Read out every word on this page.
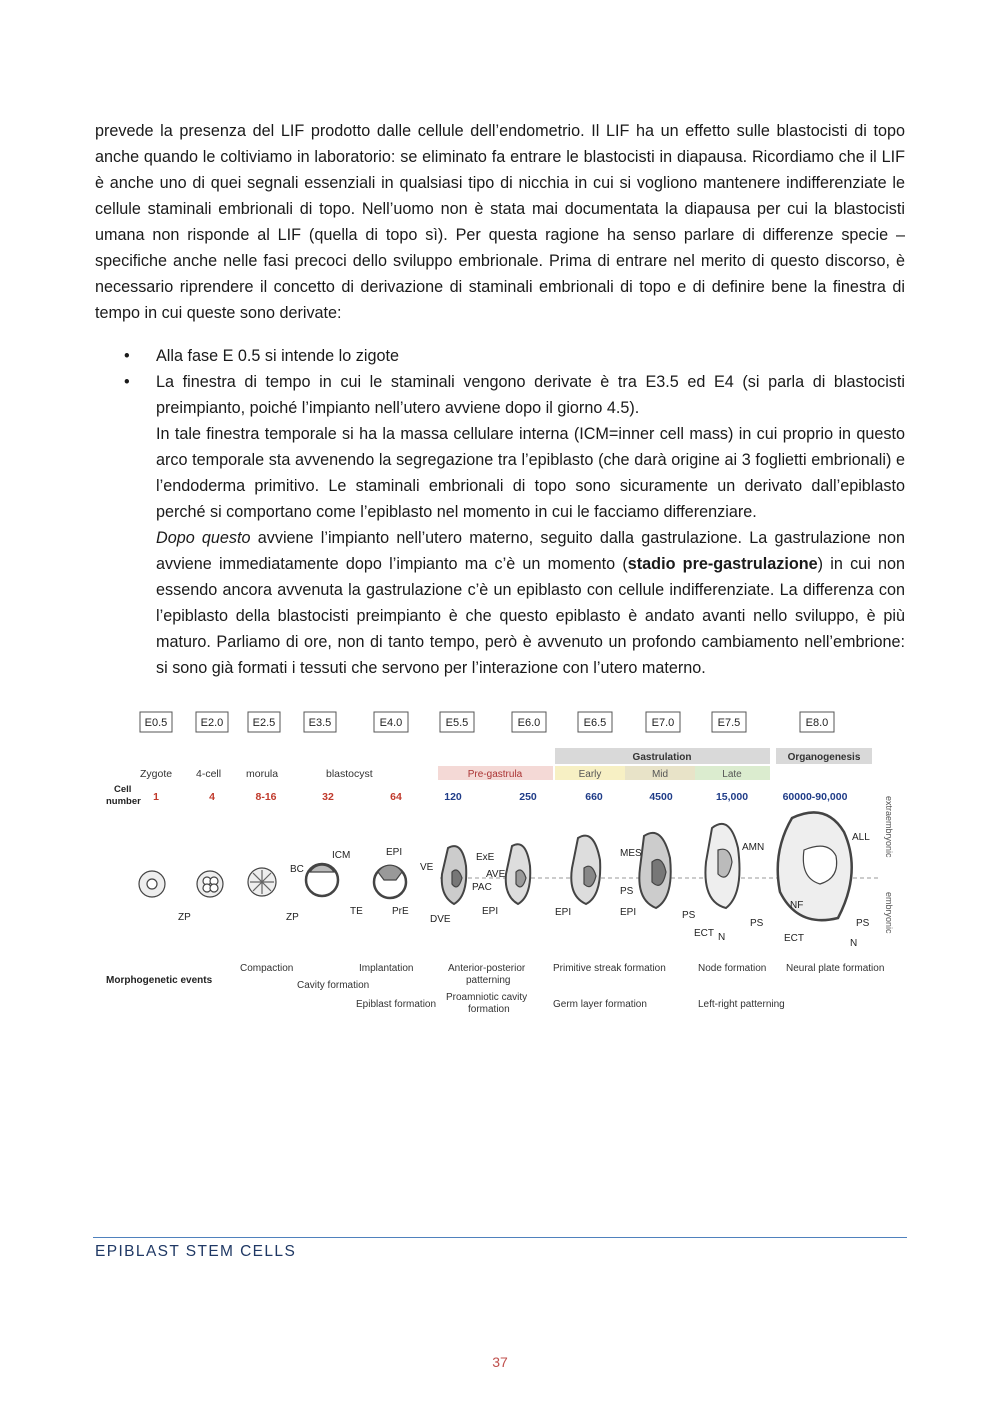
prevede la presenza del LIF prodotto dalle cellule dell’endometrio. Il LIF ha un effetto sulle blastocisti di topo anche quando le coltiviamo in laboratorio: se eliminato fa entrare le blastocisti in diapausa. Ricordiamo che il LIF è anche uno di quei segnali essenziali in qualsiasi tipo di nicchia in cui si vogliono mantenere indifferenziate le cellule staminali embrionali di topo. Nell’uomo non è stata mai documentata la diapausa per cui la blastocisti umana non risponde al LIF (quella di topo sì). Per questa ragione ha senso parlare di differenze specie – specifiche anche nelle fasi precoci dello sviluppo embrionale. Prima di entrare nel merito di questo discorso, è necessario riprendere il concetto di derivazione di staminali embrionali di topo e di definire bene la finestra di tempo in cui queste sono derivate:
• Alla fase E 0.5 si intende lo zigote
• La finestra di tempo in cui le staminali vengono derivate è tra E3.5 ed E4 (si parla di blastocisti preimpianto, poiché l’impianto nell’utero avviene dopo il giorno 4.5).
In tale finestra temporale si ha la massa cellulare interna (ICM=inner cell mass) in cui proprio in questo arco temporale sta avvenendo la segregazione tra l’epiblasto (che darà origine ai 3 foglietti embrionali) e l’endoderma primitivo. Le staminali embrionali di topo sono sicuramente un derivato dall’epiblasto perché si comportano come l’epiblasto nel momento in cui le facciamo differenziare.
Dopo questo avviene l’impianto nell’utero materno, seguito dalla gastrulazione. La gastrulazione non avviene immediatamente dopo l’impianto ma c’è un momento (stadio pre-gastrulazione) in cui non essendo ancora avvenuta la gastrulazione c’è un epiblasto con cellule indifferenziate. La differenza con l’epiblasto della blastocisti preimpianto è che questo epiblasto è andato avanti nello sviluppo, è più maturo. Parliamo di ore, non di tanto tempo, però è avvenuto un profondo cambiamento nell’embrione: si sono già formati i tessuti che servono per l’interazione con l’utero materno.
E0.5	E2.0	E2.5	E3.5	E4.0	E5.5	E6.0	E6.5	E7.0	E7.5	E8.0
Gastrulation	Organogenesis
Pre-gastrula	Early	Mid	Late
Zygote 4-cell morula	blastocyst
Cell
number 1	4	8-16	32	64	120	250	660	4500	15,000	60000-90,000
ZP	ZP
BC
ICM
TE
EPI
PrE
VE
ExE
AVE
PAC
DVE
EPI
MES
PS
EPI	EPI	PS
AMN
ECT N
PS
ALL
NF
PS
ECT	N
extraembryonic
embryonic
Morphogenetic events
Compaction
Cavity formation
Implantation
Epiblast formation
Anterior-posterior
patterning
Proamniotic cavity
formation
Primitive streak formation
Germ layer formation
Node formation
Left-right patterning
Neural plate formation
EPIBLAST STEM CELLS
37
